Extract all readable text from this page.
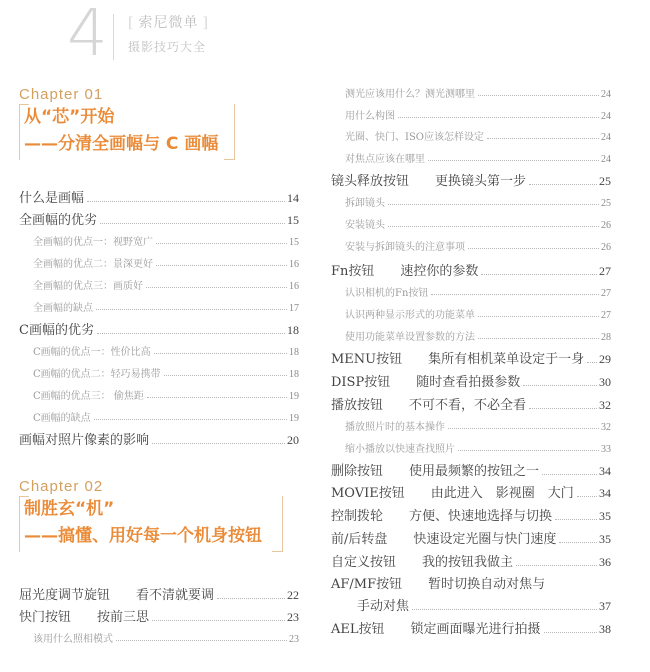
4	[ 索尼微单 ]
摄影技巧大全
Chapter 01
从“芯”开始
——分清全画幅与 C 画幅
Chapter 02
制胜玄“机”
——搞懂、用好每一个机身按钮
什么是画幅	14
全画幅的优劣	15
全画幅的优点一：视野宽广	15
全画幅的优点二：景深更好	16
全画幅的优点三：画质好	16
全画幅的缺点	17
C画幅的优劣	18
C画幅的优点一：性价比高	18
C画幅的优点二：轻巧易携带	18
C画幅的优点三： 偷焦距	19
C画幅的缺点	19
画幅对照片像素的影响	20
屈光度调节旋钮　　看不清就要调	22
快门按钮　　按前三思	23
该用什么照相模式	23
测光应该用什么？测光测哪里	24
用什么构图	24
光圈、快门、ISO应该怎样设定	24
对焦点应该在哪里	24
镜头释放按钮　　更换镜头第一步	25
拆卸镜头	25
安装镜头	26
安装与拆卸镜头的注意事项	26
Fn按钮　　速控你的参数	27
认识相机的Fn按钮	27
认识两种显示形式的功能菜单	27
使用功能菜单设置参数的方法	28
MENU按钮　　集所有相机菜单设定于一身 29
DISP按钮　　随时查看拍摄参数	30
播放按钮　　不可不看，不必全看	32
播放照片时的基本操作	32
缩小播放以快速查找照片	33
删除按钮　　使用最频繁的按钮之一	34
MOVIE按钮　　由此进入　影视圈　大门 34
控制拨轮　　方便、快速地选择与切换	35
前/后转盘　　快速设定光圈与快门速度	35
自定义按钮　　我的按钮我做主	36
AF/MF按钮　　暂时切换自动对焦与
　　手动对焦	37
AEL按钮　　锁定画面曝光进行拍摄	38
